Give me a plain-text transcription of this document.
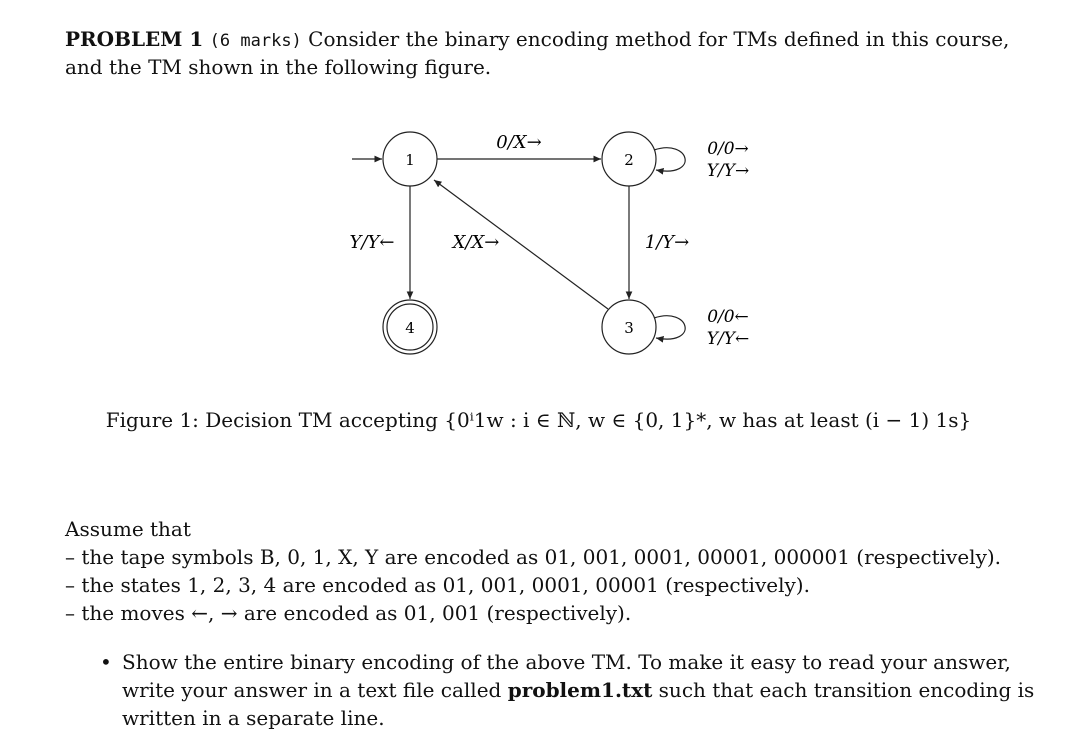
PROBLEM 1 (6 marks) Consider the binary encoding method for TMs defined in this course,
and the TM shown in the following figure.
1	2
3
4
0/X→
Y/Y←	X/X→	1/Y→
0/0→
Y/Y→
0/0←
Y/Y←
Figure 1: Decision TM accepting {0ⁱ1w : i ∈ ℕ, w ∈ {0, 1}*, w has at least (i − 1) 1s}
Assume that
– the tape symbols B, 0, 1, X, Y are encoded as 01, 001, 0001, 00001, 000001 (respectively).
– the states 1, 2, 3, 4 are encoded as 01, 001, 0001, 00001 (respectively).
– the moves ←, → are encoded as 01, 001 (respectively).
• Show the entire binary encoding of the above TM. To make it easy to read your answer, write your answer in a text file called problem1.txt such that each transition encoding is written in a separate line.
